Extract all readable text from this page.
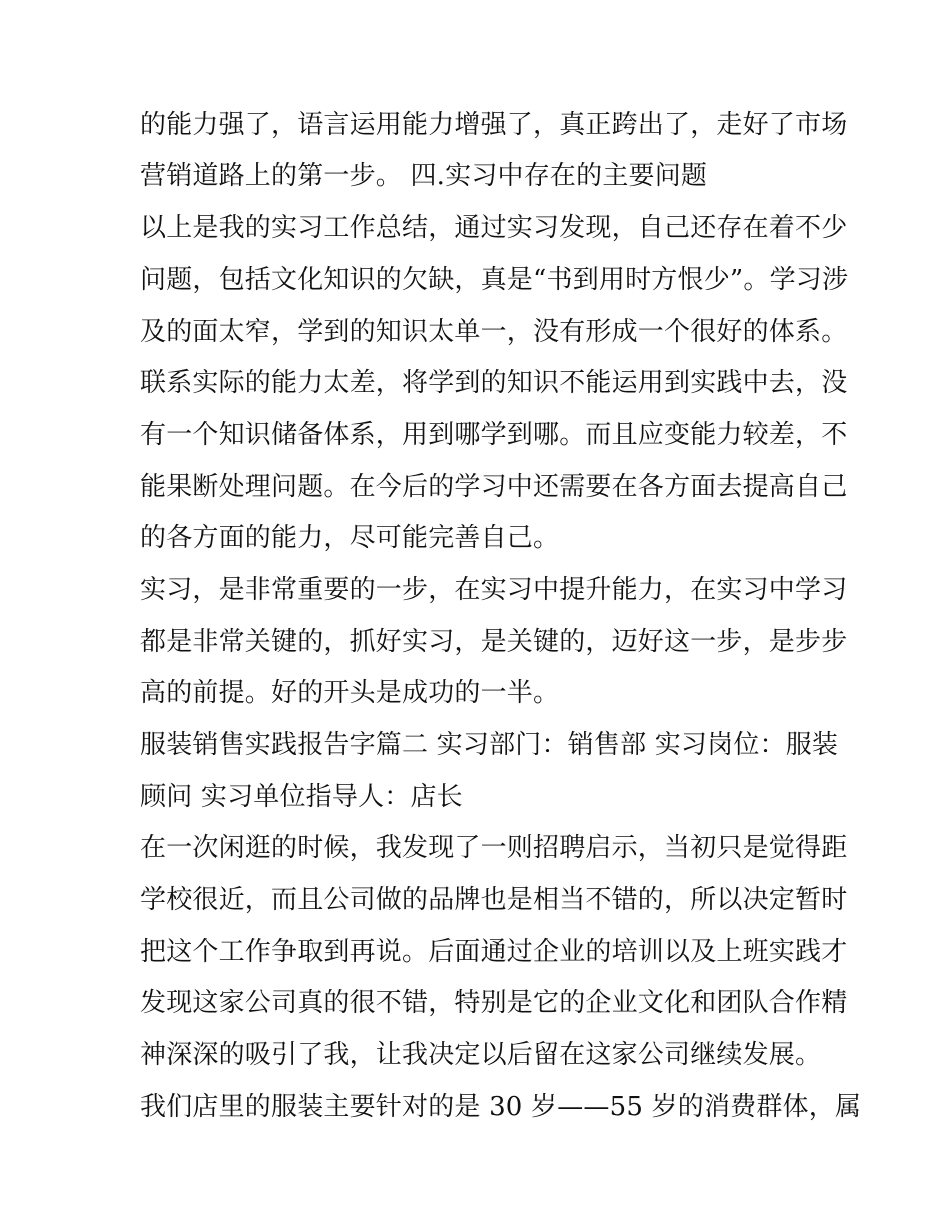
的能力强了，语言运用能力增强了，真正跨出了，走好了市场
营销道路上的第一步。 四.实习中存在的主要问题
以上是我的实习工作总结，通过实习发现，自己还存在着不少
问题，包括文化知识的欠缺，真是“书到用时方恨少”。学习涉
及的面太窄，学到的知识太单一，没有形成一个很好的体系。
联系实际的能力太差，将学到的知识不能运用到实践中去，没
有一个知识储备体系，用到哪学到哪。而且应变能力较差，不
能果断处理问题。在今后的学习中还需要在各方面去提高自己
的各方面的能力，尽可能完善自己。
实习，是非常重要的一步，在实习中提升能力，在实习中学习
都是非常关键的，抓好实习，是关键的，迈好这一步，是步步
高的前提。好的开头是成功的一半。
服装销售实践报告字篇二 实习部门：销售部 实习岗位：服装
顾问 实习单位指导人：店长
在一次闲逛的时候，我发现了一则招聘启示，当初只是觉得距
学校很近，而且公司做的品牌也是相当不错的，所以决定暂时
把这个工作争取到再说。后面通过企业的培训以及上班实践才
发现这家公司真的很不错，特别是它的企业文化和团队合作精
神深深的吸引了我，让我决定以后留在这家公司继续发展。
我们店里的服装主要针对的是 30 岁——55 岁的消费群体，属
